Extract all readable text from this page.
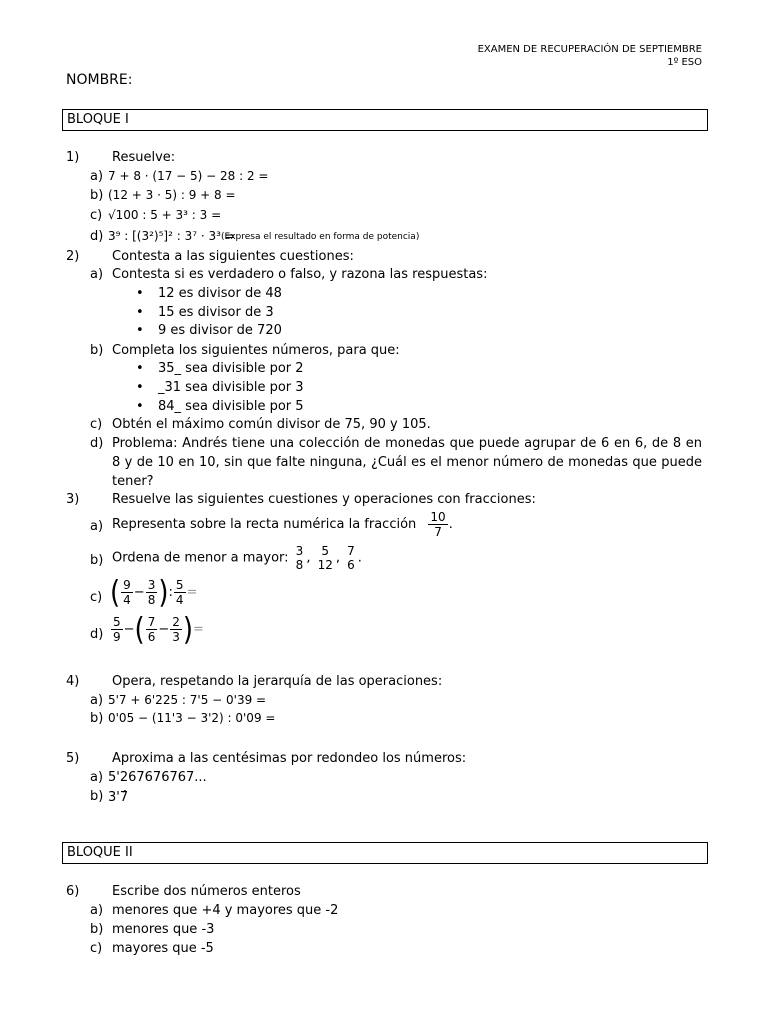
EXAMEN DE RECUPERACIÓN DE SEPTIEMBRE
1º ESO
NOMBRE:
BLOQUE I
1)	Resuelve:
a) 7 + 8 · (17 − 5) − 28 : 2 =
b) (12 + 3 · 5) : 9 + 8 =
c) √100 : 5 + 3³ : 3 =
d) 3⁹ : [(3²)⁵]² : 3⁷ · 3³ =
(Expresa el resultado en forma de potencia)
2)	Contesta a las siguientes cuestiones:
a) Contesta si es verdadero o falso, y razona las respuestas:
• 12 es divisor de 48
• 15 es divisor de 3
• 9 es divisor de 720
b) Completa los siguientes números, para que:
• 35_ sea divisible por 2
• _31 sea divisible por 3
• 84_ sea divisible por 5
c) Obtén el máximo común divisor de 75, 90 y 105.
d) Problema: Andrés tiene una colección de monedas que puede agrupar de 6 en 6, de 8 en 8 y de 10 en 10, sin que falte ninguna, ¿Cuál es el menor número de monedas que puede tener?
3)	Resuelve las siguientes cuestiones y operaciones con fracciones:
a) Representa sobre la recta numérica la fracción $\frac{10}{7}$ .
b) Ordena de menor a mayor: 3
8 , 5
12 , 7
6 .
c) ( $\frac{9}{4} - \frac{3}{8}$ ): $\frac{5}{4}$ =
$d) \frac{5}{9}$ −( $\frac{7}{6} - \frac{2}{3}$ )=
4)	Opera, respetando la jerarquía de las operaciones:
a) 5'7 + 6'225 : 7'5 − 0'39 =
b) 0'05 − (11'3 − 3'2) : 0'09 =
5)	Aproxima a las centésimas por redondeo los números:
a) 5'267676767...
b) 3'7̂
BLOQUE II
6)	Escribe dos números enteros
a) menores que +4 y mayores que -2
b) menores que -3
c) mayores que -5
